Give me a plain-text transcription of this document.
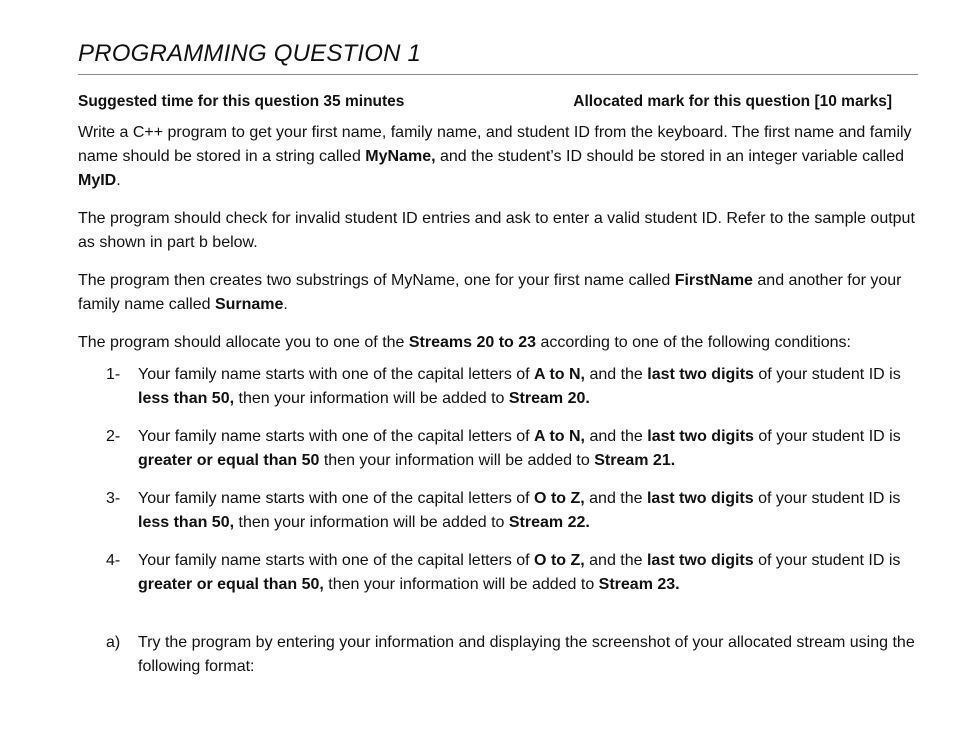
PROGRAMMING QUESTION 1
Suggested time for this question 35 minutes	Allocated mark for this question [10 marks]

Write a C++ program to get your first name, family name, and student ID from the keyboard. The first name and family name should be stored in a string called MyName, and the student’s ID should be stored in an integer variable called MyID.

The program should check for invalid student ID entries and ask to enter a valid student ID. Refer to the sample output as shown in part b below.

The program then creates two substrings of MyName, one for your first name called FirstName and another for your family name called Surname.

The program should allocate you to one of the Streams 20 to 23 according to one of the following conditions:

1-	Your family name starts with one of the capital letters of A to N, and the last two digits of your student ID is less than 50, then your information will be added to Stream 20.
2-	Your family name starts with one of the capital letters of A to N, and the last two digits of your student ID is greater or equal than 50 then your information will be added to Stream 21.
3-	Your family name starts with one of the capital letters of O to Z, and the last two digits of your student ID is less than 50, then your information will be added to Stream 22.
4-	Your family name starts with one of the capital letters of O to Z, and the last two digits of your student ID is greater or equal than 50, then your information will be added to Stream 23.
a)	Try the program by entering your information and displaying the screenshot of your allocated stream using the following format:
